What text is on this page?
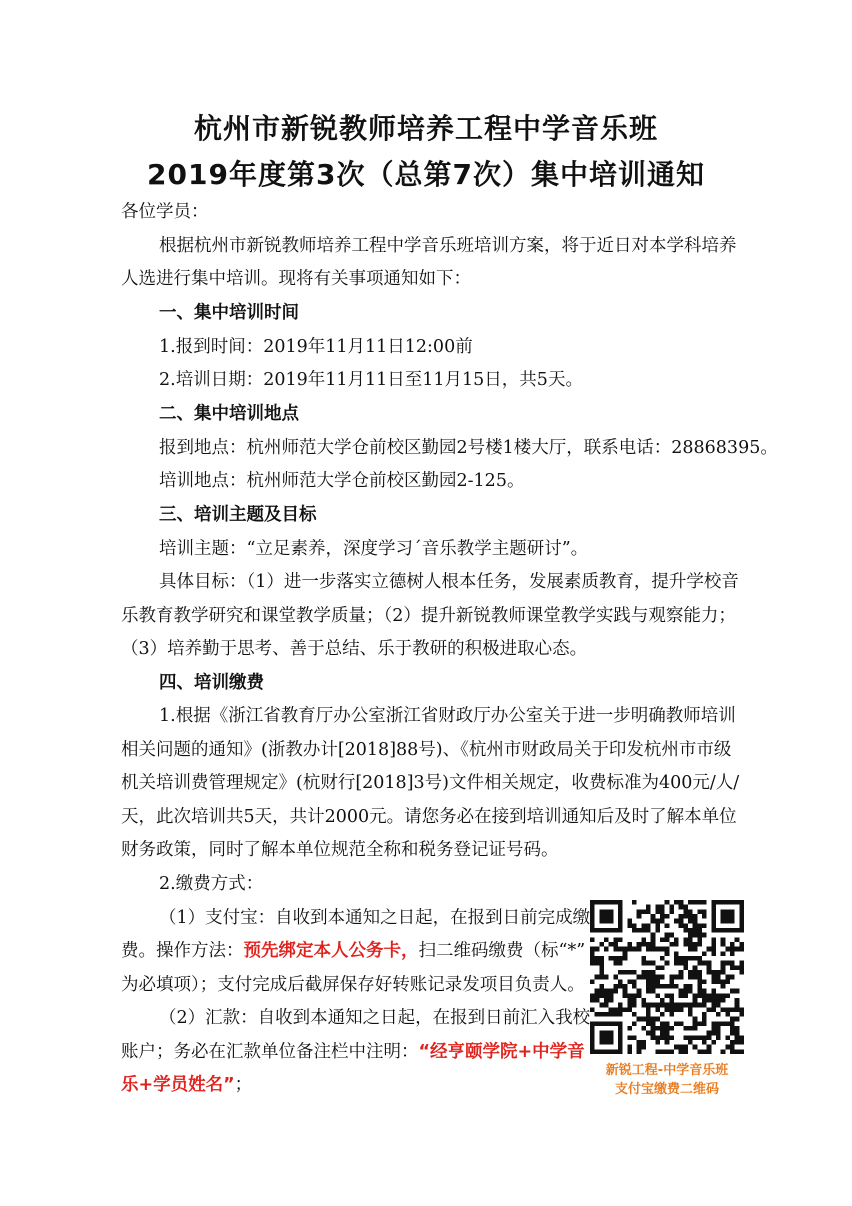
杭州市新锐教师培养工程中学音乐班
2019年度第3次（总第7次）集中培训通知
各位学员：
根据杭州市新锐教师培养工程中学音乐班培训方案，将于近日对本学科培养
人选进行集中培训。现将有关事项通知如下：
一、集中培训时间
1.报到时间：2019年11月11日12:00前
2.培训日期：2019年11月11日至11月15日，共5天。
二、集中培训地点
报到地点：杭州师范大学仓前校区勤园2号楼1楼大厅，联系电话：28868395。
培训地点：杭州师范大学仓前校区勤园2-125。
三、培训主题及目标
培训主题：“立足素养，深度学习´音乐教学主题研讨”。
具体目标：（1）进一步落实立德树人根本任务，发展素质教育，提升学校音
乐教育教学研究和课堂教学质量；（2）提升新锐教师课堂教学实践与观察能力；
（3）培养勤于思考、善于总结、乐于教研的积极进取心态。
四、培训缴费
1.根据《浙江省教育厅办公室浙江省财政厅办公室关于进一步明确教师培训
相关问题的通知》(浙教办计[2018]88号)、《杭州市财政局关于印发杭州市市级
机关培训费管理规定》(杭财行[2018]3号)文件相关规定，收费标准为400元/人/
天，此次培训共5天，共计2000元。请您务必在接到培训通知后及时了解本单位
财务政策，同时了解本单位规范全称和税务登记证号码。
2.缴费方式：
（1）支付宝：自收到本通知之日起，在报到日前完成缴
费。操作方法：预先绑定本人公务卡，扫二维码缴费（标“*”
为必填项）；支付完成后截屏保存好转账记录发项目负责人。
（2）汇款：自收到本通知之日起，在报到日前汇入我校
账户；务必在汇款单位备注栏中注明：“经亨颐学院+中学音
乐+学员姓名”；
新锐工程-中学音乐班
支付宝缴费二维码
